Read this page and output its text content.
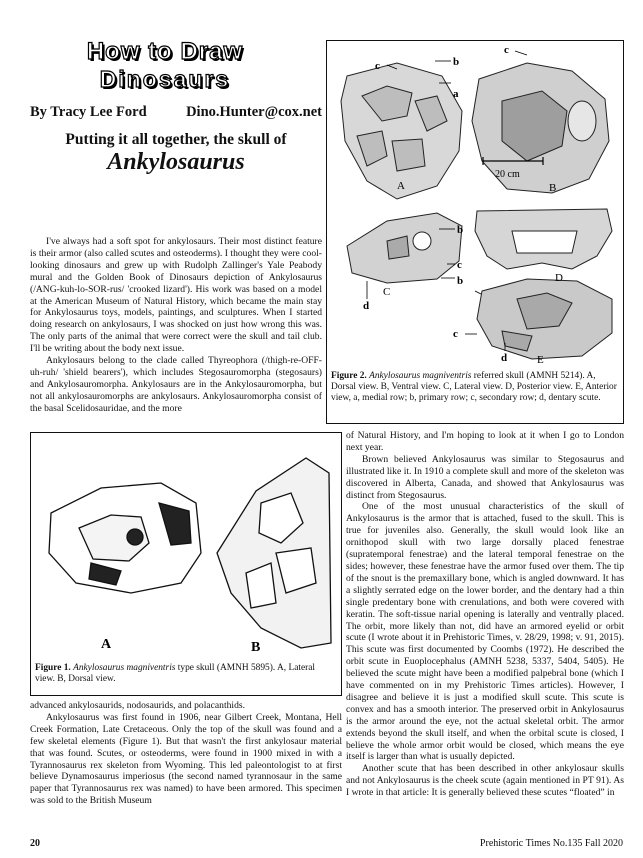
How to Draw
Dinosaurs
By Tracy Lee Ford	Dino.Hunter@cox.net
Putting it all together, the skull of
Ankylosaurus	20 cm
c	b
a
A
c
B
b
c
b
C
d
D
c
d	E
Figure 2. Ankylosaurus magniventris referred skull (AMNH 5214). A, Dorsal view. B, Ventral view. C, Lateral view. D, Posterior view. E, Anterior view, a, medial row; b, primary row; c, secondary row; d, dentary scute.

I've always had a soft spot for ankylosaurs. Their most distinct feature is their armor (also called scutes and osteoderms). I thought they were cool-looking dinosaurs and grew up with Rudolph Zallinger's Yale Peabody mural and the Golden Book of Dinosaurs depiction of Ankylosaurus (/ANG-kuh-lo-SOR-rus/ 'crooked lizard'). His work was based on a model at the American Museum of Natural History, which became the main stay for Ankylosaurus toys, models, paintings, and sculptures. When I started doing research on ankylosaurs, I was shocked on just how wrong this was. The only parts of the animal that were correct were the skull and tail club. I'll be writing about the body next issue.

Ankylosaurs belong to the clade called Thyreophora (/thigh-re-OFF-uh-ruh/ 'shield bearers'), which includes Stegosauromorpha (stegosaurs) and Ankylosauromorpha. Ankylosaurs are in the Ankylosauromorpha, but not all ankylosauromorphs are ankylosaurs. Ankylosauromorpha consist of the basal Scelidosauridae, and the more

A	B
Figure 1. Ankylosaurus magniventris type skull (AMNH 5895). A, Lateral view. B, Dorsal view.

advanced ankylosaurids, nodosaurids, and polacanthids.

Ankylosaurus was first found in 1906, near Gilbert Creek, Montana, Hell Creek Formation, Late Cretaceous. Only the top of the skull was found and a few skeletal elements (Figure 1). But that wasn't the first ankylosaur material that was found. Scutes, or osteoderms, were found in 1900 mixed in with a Tyrannosaurus rex skeleton from Wyoming. This led paleontologist to at first believe Dynamosaurus imperiosus (the second named tyrannosaur in the same paper that Tyrannosaurus rex was named) to have been armored. This specimen was sold to the British Museum

of Natural History, and I'm hoping to look at it when I go to London next year.

Brown believed Ankylosaurus was similar to Stegosaurus and illustrated like it. In 1910 a complete skull and more of the skeleton was discovered in Alberta, Canada, and showed that Ankylosaurus was distinct from Stegosaurus.

One of the most unusual characteristics of the skull of Ankylosaurus is the armor that is attached, fused to the skull. This is true for juveniles also. Generally, the skull would look like an ornithopod skull with two large dorsally placed fenestrae (supratemporal fenestrae) and the lateral temporal fenestrae on the sides; however, these fenestrae have the armor fused over them. The tip of the snout is the premaxillary bone, which is angled downward. It has a slightly serrated edge on the lower border, and the dentary had a thin single predentary bone with crenulations, and both were covered with keratin. The soft-tissue narial opening is laterally and ventrally placed. The orbit, more likely than not, did have an armored eyelid or orbit scute (I wrote about it in Prehistoric Times, v. 28/29, 1998; v. 91, 2015). This scute was first documented by Coombs (1972). He described the orbit scute in Euoplocephalus (AMNH 5238, 5337, 5404, 5405). He believed the scute might have been a modified palpebral bone (which I have commented on in my Prehistoric Times articles). However, I disagree and believe it is just a modified skull scute. This scute is convex and has a smooth interior. The preserved orbit in Ankylosaurus is the armor around the eye, not the actual skeletal orbit. The armor extends beyond the skull itself, and when the orbital scute is closed, I believe the whole armor orbit would be closed, which means the eye itself is larger than what is usually depicted.

Another scute that has been described in other ankylosaur skulls and not Ankylosaurus is the cheek scute (again mentioned in PT 91). As I wrote in that article: It is generally believed these scutes “floated” in

20	Prehistoric Times No.135 Fall 2020
